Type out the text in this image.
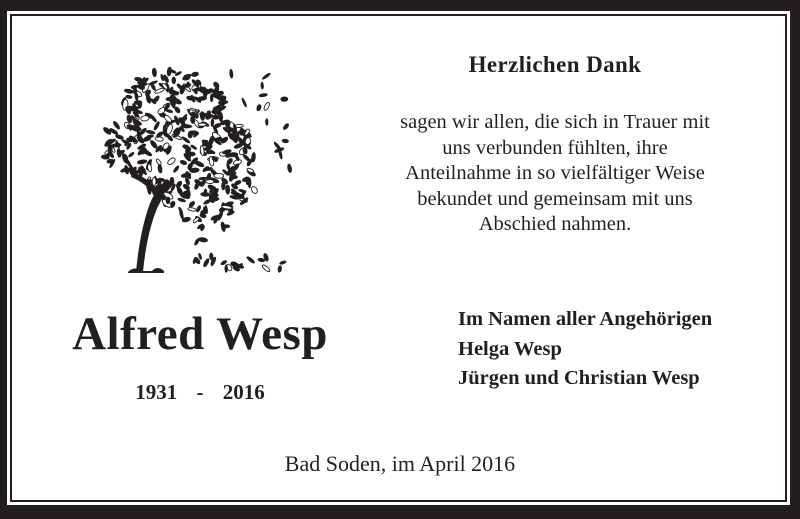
Herzlichen Dank
sagen wir allen, die sich in Trauer mit
uns verbunden fühlten, ihre
Anteilnahme in so vielfältiger Weise
bekundet und gemeinsam mit uns
Abschied nahmen.
Alfred Wesp
1931 - 2016
Im Namen aller Angehörigen
Helga Wesp
Jürgen und Christian Wesp
Bad Soden, im April 2016
